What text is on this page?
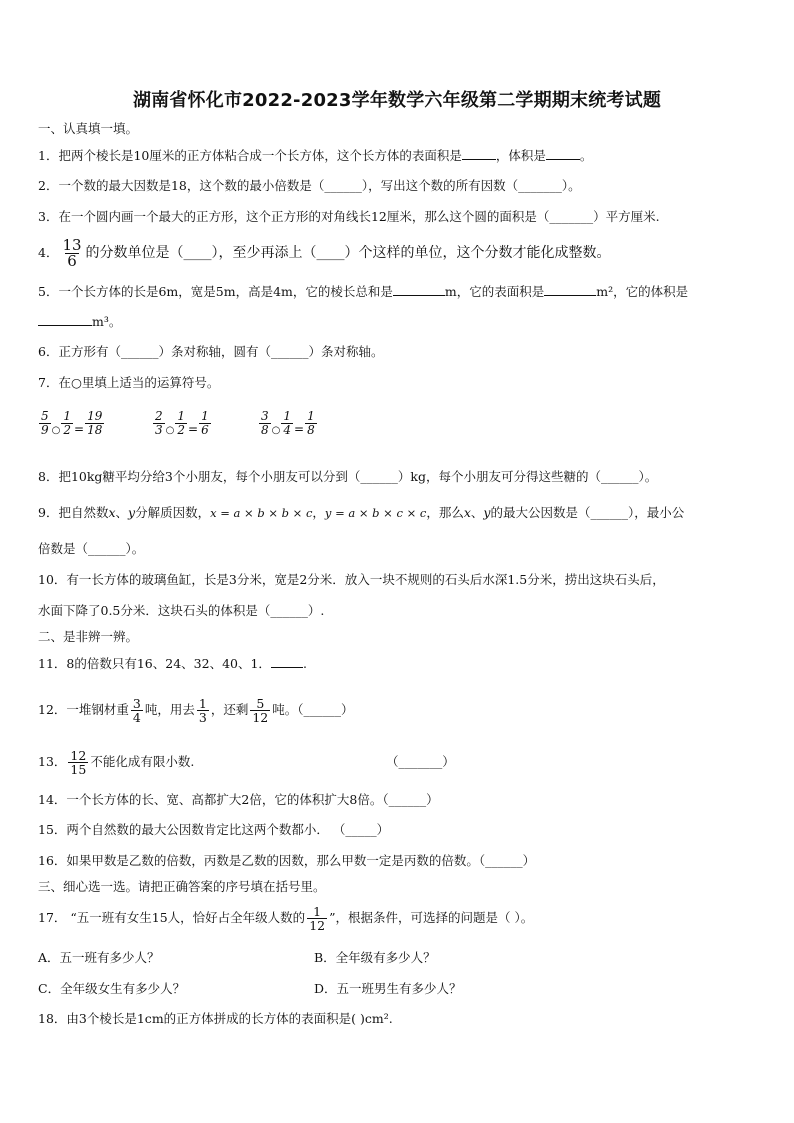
湖南省怀化市2022-2023学年数学六年级第二学期期末统考试题
一、认真填一填。
1．把两个棱长是10厘米的正方体粘合成一个长方体，这个长方体的表面积是	，体积是	。
2．一个数的最大因数是18，这个数的最小倍数是（______），写出这个数的所有因数（_______）。
3．在一个圆内画一个最大的正方形，这个正方形的对角线长12厘米，那么这个圆的面积是（_______）平方厘米.
4． $\frac{13}{6}$ 的分数单位是（____），至少再添上（____）个这样的单位，这个分数才能化成整数。
5．一个长方体的长是6m，宽是5m，高是4m，它的棱长总和是	m，它的表面积是	m²，它的体积是
m³。
6．正方形有（______）条对称轴，圆有（______）条对称轴。
7．在○里填上适当的运算符号。
$\frac{5}{9} _○ \frac{1}{2} = \frac{19}{18}$	$\frac{2}{3} _○ \frac{1}{2} = \frac{1}{6}$	$\frac{3}{8} _○ \frac{1}{4} = \frac{1}{8}$
8．把10kg糖平均分给3个小朋友，每个小朋友可以分到（______）kg，每个小朋友可分得这些糖的（______）。
9．把自然数x、y分解质因数，x = a × b × b × c，y = a × b × c × c，那么x、y的最大公因数是（______），最小公
倍数是（______）。
10．有一长方体的玻璃鱼缸，长是3分米，宽是2分米．放入一块不规则的石头后水深1.5分米，捞出这块石头后，
水面下降了0.5分米．这块石头的体积是（______）.
二、是非辨一辨。
11．8的倍数只有16、24、32、40、1．	.
12．一堆钢材重 $\frac{3}{4}$ 吨，用去 $\frac{1}{3}$ ，还剩 $\frac{5}{12}$ 吨。（______）
13． $\frac{12}{15}$ 不能化成有限小数.	（_______）
14．一个长方体的长、宽、高都扩大2倍，它的体积扩大8倍。（______）
15．两个自然数的最大公因数肯定比这两个数都小． （_____）
16．如果甲数是乙数的倍数，丙数是乙数的因数，那么甲数一定是丙数的倍数。（______）
三、细心选一选。请把正确答案的序号填在括号里。
17． “五一班有女生15人，恰好占全年级人数的 $\frac{1}{12}$ ”，根据条件，可选择的问题是（ ）。
A．五一班有多少人？	B．全年级有多少人？
C．全年级女生有多少人？	D．五一班男生有多少人？
18．由3个棱长是1cm的正方体拼成的长方体的表面积是( )cm².
